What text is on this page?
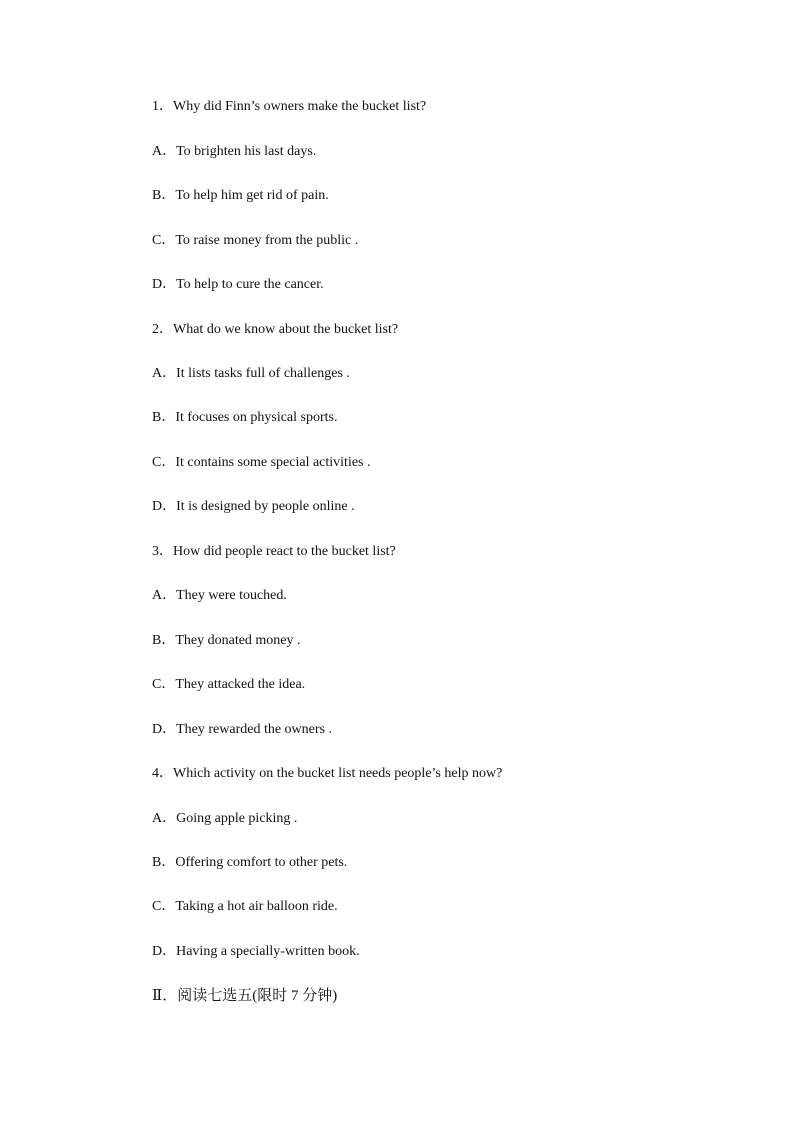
1．Why did Finn’s owners make the bucket list?
A．To brighten his last days.
B．To help him get rid of pain.
C．To raise money from the public .
D．To help to cure the cancer.
2．What do we know about the bucket list?
A．It lists tasks full of challenges .
B．It focuses on physical sports.
C．It contains some special activities .
D．It is designed by people online .
3．How did people react to the bucket list?
A．They were touched.
B．They donated money .
C．They attacked the idea.
D．They rewarded the owners .
4．Which activity on the bucket list needs people’s help now?
A．Going apple picking .
B．Offering comfort to other pets.
C．Taking a hot air balloon ride.
D．Having a specially-written book.
Ⅱ．阅读七选五(限时 7 分钟)
